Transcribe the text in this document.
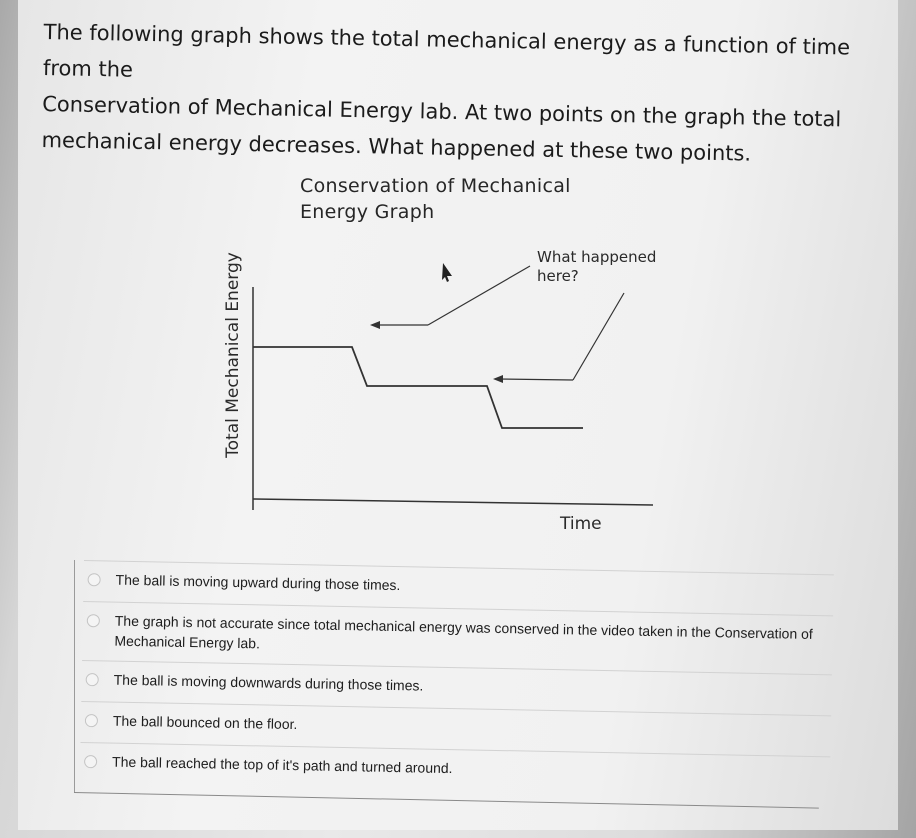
The following graph shows the total mechanical energy as a function of time from the
Conservation of Mechanical Energy lab. At two points on the graph the total
mechanical energy decreases. What happened at these two points.
Conservation of Mechanical
Energy Graph
What happened
here?
Total Mechanical Energy
Time
The ball is moving upward during those times.
The graph is not accurate since total mechanical energy was conserved in the video taken in the Conservation of Mechanical Energy lab.
The ball is moving downwards during those times.
The ball bounced on the floor.
The ball reached the top of it's path and turned around.
